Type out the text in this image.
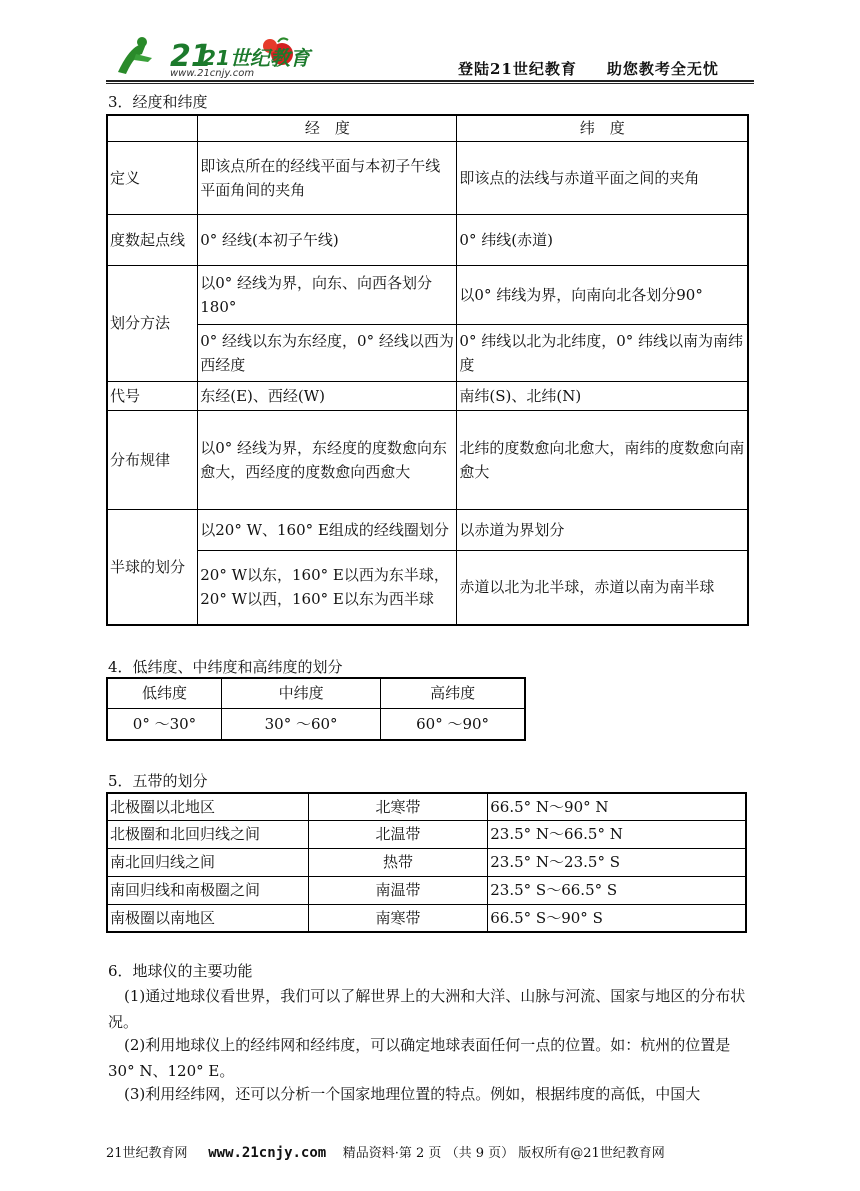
21
21世纪教育
www.21cnjy.com	登陆21世纪教育 助您教考全无忧
3．经度和纬度
	经　度	纬　度
定义	即该点所在的经线平面与本初子午线平面角间的夹角	即该点的法线与赤道平面之间的夹角
度数起点线	0° 经线(本初子午线)	0° 纬线(赤道)
划分方法	以0° 经线为界，向东、向西各划分180°	以0° 纬线为界，向南向北各划分90°
	0° 经线以东为东经度，0° 经线以西为西经度	0° 纬线以北为北纬度，0° 纬线以南为南纬度
代号	东经(E)、西经(W)	南纬(S)、北纬(N)
分布规律	以0° 经线为界，东经度的度数愈向东愈大，西经度的度数愈向西愈大	北纬的度数愈向北愈大，南纬的度数愈向南愈大
半球的划分	以20° W、160° E组成的经线圈划分	以赤道为界划分
	20° W以东，160° E以西为东半球，20° W以西，160° E以东为西半球	赤道以北为北半球，赤道以南为南半球
4．低纬度、中纬度和高纬度的划分
低纬度	中纬度	高纬度
0° ～30°	30° ～60°	60° ～90°
5．五带的划分
北极圈以北地区	北寒带	66.5° N～90° N
北极圈和北回归线之间	北温带	23.5° N～66.5° N
南北回归线之间	热带	23.5° N～23.5° S
南回归线和南极圈之间	南温带	23.5° S～66.5° S
南极圈以南地区	南寒带	66.5° S～90° S
6．地球仪的主要功能
(1)通过地球仪看世界，我们可以了解世界上的大洲和大洋、山脉与河流、国家与地区的分布状况。
(2)利用地球仪上的经纬网和经纬度，可以确定地球表面任何一点的位置。如：杭州的位置是 30° N、120° E。
(3)利用经纬网，还可以分析一个国家地理位置的特点。例如，根据纬度的高低，中国大
21世纪教育网 www.21cnjy.com 精品资料·第 2 页 （共 9 页） 版权所有@21世纪教育网
